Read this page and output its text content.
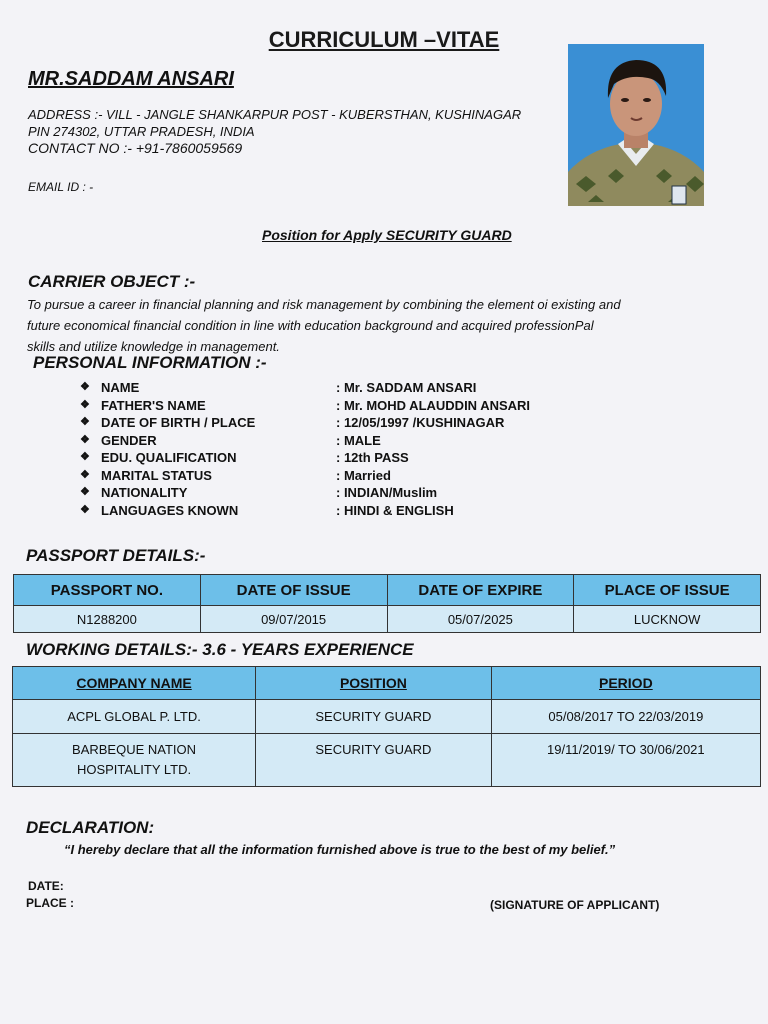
CURRICULUM –VITAE
MR.SADDAM ANSARI
ADDRESS :- VILL - JANGLE SHANKARPUR POST - KUBERSTHAN, KUSHINAGAR
PIN 274302, UTTAR PRADESH, INDIA
CONTACT NO :- +91-7860059569
EMAIL ID : -
Position for Apply SECURITY GUARD
CARRIER OBJECT :-
To pursue a career in financial planning and risk management by combining the element oi existing and
future economical financial condition in line with education background and acquired professionPal
skills and utilize knowledge in management.
PERSONAL INFORMATION :-
❖ NAME	: Mr. SADDAM ANSARI
❖ FATHER'S NAME	: Mr. MOHD ALAUDDIN ANSARI
❖ DATE OF BIRTH / PLACE	: 12/05/1997 /KUSHINAGAR
❖ GENDER	: MALE
❖ EDU. QUALIFICATION	: 12th PASS
❖ MARITAL STATUS	: Married
❖ NATIONALITY	: INDIAN/Muslim
❖ LANGUAGES KNOWN	: HINDI & ENGLISH
PASSPORT DETAILS:-
PASSPORT NO.	DATE OF ISSUE	DATE OF EXPIRE	PLACE OF ISSUE
N1288200	09/07/2015	05/07/2025	LUCKNOW
WORKING DETAILS:- 3.6 - YEARS EXPERIENCE
COMPANY NAME	POSITION	PERIOD

ACPL GLOBAL P. LTD.	SECURITY GUARD	05/08/2017 TO 22/03/2019

BARBEQUE NATION
HOSPITALITY LTD.	SECURITY GUARD	19/11/2019/ TO 30/06/2021
DECLARATION:
“I hereby declare that all the information furnished above is true to the best of my belief.”
DATE:
PLACE :	(SIGNATURE OF APPLICANT)
